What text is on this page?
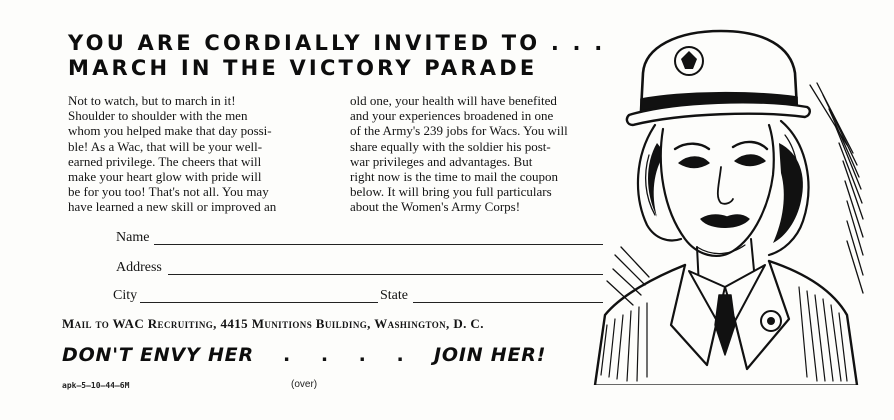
YOU ARE CORDIALLY INVITED TO . . .
MARCH IN THE VICTORY PARADE
Not to watch, but to march in it!
Shoulder to shoulder with the men
whom you helped make that day possi-
ble! As a Wac, that will be your well-
earned privilege. The cheers that will
make your heart glow with pride will
be for you too! That's not all. You may
have learned a new skill or improved an
old one, your health will have benefited
and your experiences broadened in one
of the Army's 239 jobs for Wacs. You will
share equally with the soldier his post-
war privileges and advantages. But
right now is the time to mail the coupon
below. It will bring you full particulars
about the Women's Army Corps!
Name
Address
City	State
Mail to WAC Recruiting, 4415 Munitions Building, Washington, D. C.
DON'T ENVY HER . . . . JOIN HER!
apk—5—10—44—6M	(over)
